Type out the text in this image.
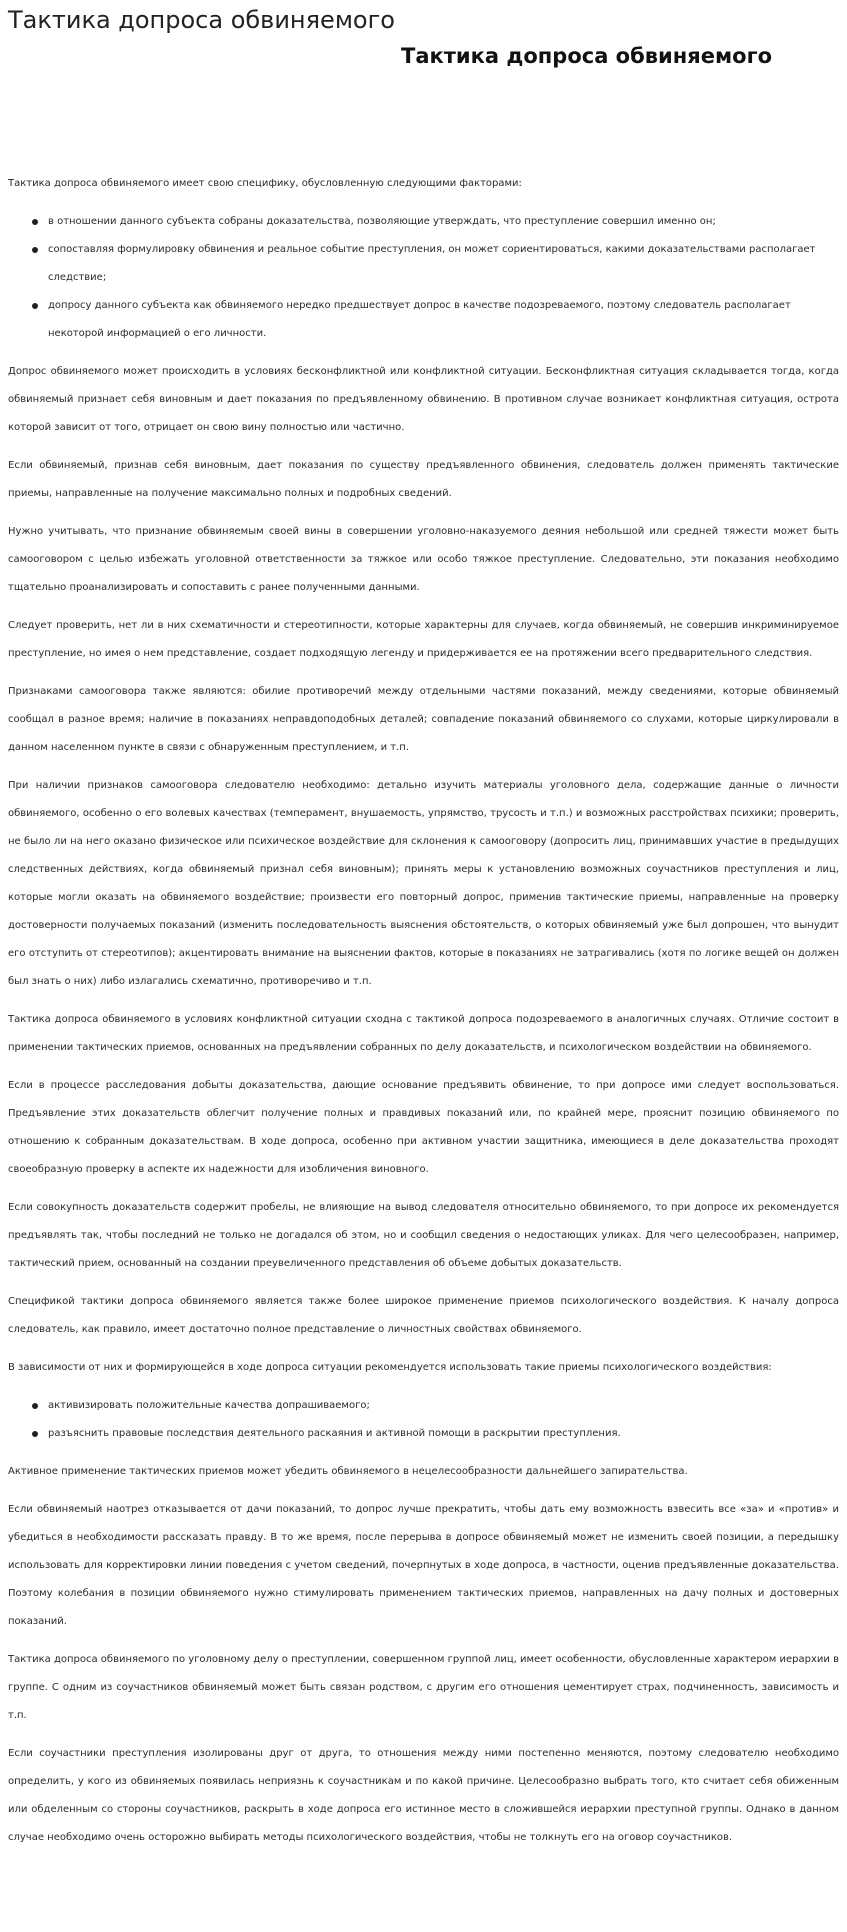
Тактика допроса обвиняемого
Тактика допроса обвиняемого

Тактика допроса обвиняемого имеет свою специфику, обусловленную следующими факторами:

в отношении данного субъекта собраны доказательства, позволяющие утверждать, что преступление совершил именно он;
сопоставляя формулировку обвинения и реальное событие преступления, он может сориентироваться, какими доказательствами располагает следствие;
допросу данного субъекта как обвиняемого нередко предшествует допрос в качестве подозреваемого, поэтому следователь располагает некоторой информацией о его личности.

Допрос обвиняемого может происходить в условиях бесконфликтной или конфликтной ситуации. Бесконфликтная ситуация складывается тогда, когда обвиняемый признает себя виновным и дает показания по предъявленному обвинению. В противном случае возникает конфликтная ситуация, острота которой зависит от того, отрицает он свою вину полностью или частично.

Если обвиняемый, признав себя виновным, дает показания по существу предъявленного обвинения, следователь должен применять тактические приемы, направленные на получение максимально полных и подробных сведений.

Нужно учитывать, что признание обвиняемым своей вины в совершении уголовно-наказуемого деяния небольшой или средней тяжести может быть самооговором с целью избежать уголовной ответственности за тяжкое или особо тяжкое преступление. Следовательно, эти показания необходимо тщательно проанализировать и сопоставить с ранее полученными данными.

Следует проверить, нет ли в них схематичности и стереотипности, которые характерны для случаев, когда обвиняемый, не совершив инкриминируемое преступление, но имея о нем представление, создает подходящую легенду и придерживается ее на протяжении всего предварительного следствия.

Признаками самооговора также являются: обилие противоречий между отдельными частями показаний, между сведениями, которые обвиняемый сообщал в разное время; наличие в показаниях неправдоподобных деталей; совпадение показаний обвиняемого со слухами, которые циркулировали в данном населенном пункте в связи с обнаруженным преступлением, и т.п.

При наличии признаков самооговора следователю необходимо: детально изучить материалы уголовного дела, содержащие данные о личности обвиняемого, особенно о его волевых качествах (темперамент, внушаемость, упрямство, трусость и т.п.) и возможных расстройствах психики; проверить, не было ли на него оказано физическое или психическое воздействие для склонения к самооговору (допросить лиц, принимавших участие в предыдущих следственных действиях, когда обвиняемый признал себя виновным); принять меры к установлению возможных соучастников преступления и лиц, которые могли оказать на обвиняемого воздействие; произвести его повторный допрос, применив тактические приемы, направленные на проверку достоверности получаемых показаний (изменить последовательность выяснения обстоятельств, о которых обвиняемый уже был допрошен, что вынудит его отступить от стереотипов); акцентировать внимание на выяснении фактов, которые в показаниях не затрагивались (хотя по логике вещей он должен был знать о них) либо излагались схематично, противоречиво и т.п.

Тактика допроса обвиняемого в условиях конфликтной ситуации сходна с тактикой допроса подозреваемого в аналогичных случаях. Отличие состоит в применении тактических приемов, основанных на предъявлении собранных по делу доказательств, и психологическом воздействии на обвиняемого.

Если в процессе расследования добыты доказательства, дающие основание предъявить обвинение, то при допросе ими следует воспользоваться. Предъявление этих доказательств облегчит получение полных и правдивых показаний или, по крайней мере, прояснит позицию обвиняемого по отношению к собранным доказательствам. В ходе допроса, особенно при активном участии защитника, имеющиеся в деле доказательства проходят своеобразную проверку в аспекте их надежности для изобличения виновного.

Если совокупность доказательств содержит пробелы, не влияющие на вывод следователя относительно обвиняемого, то при допросе их рекомендуется предъявлять так, чтобы последний не только не догадался об этом, но и сообщил сведения о недостающих уликах. Для чего целесообразен, например, тактический прием, основанный на создании преувеличенного представления об объеме добытых доказательств.

Спецификой тактики допроса обвиняемого является также более широкое применение приемов психологического воздействия. К началу допроса следователь, как правило, имеет достаточно полное представление о личностных свойствах обвиняемого.

В зависимости от них и формирующейся в ходе допроса ситуации рекомендуется использовать такие приемы психологического воздействия:

активизировать положительные качества допрашиваемого;
разъяснить правовые последствия деятельного раскаяния и активной помощи в раскрытии преступления.

Активное применение тактических приемов может убедить обвиняемого в нецелесообразности дальнейшего запирательства.

Если обвиняемый наотрез отказывается от дачи показаний, то допрос лучше прекратить, чтобы дать ему возможность взвесить все «за» и «против» и убедиться в необходимости рассказать правду. В то же время, после перерыва в допросе обвиняемый может не изменить своей позиции, а передышку использовать для корректировки линии поведения с учетом сведений, почерпнутых в ходе допроса, в частности, оценив предъявленные доказательства. Поэтому колебания в позиции обвиняемого нужно стимулировать применением тактических приемов, направленных на дачу полных и достоверных показаний.

Тактика допроса обвиняемого по уголовному делу о преступлении, совершенном группой лиц, имеет особенности, обусловленные характером иерархии в группе. С одним из соучастников обвиняемый может быть связан родством, с другим его отношения цементирует страх, подчиненность, зависимость и т.п.

Если соучастники преступления изолированы друг от друга, то отношения между ними постепенно меняются, поэтому следователю необходимо определить, у кого из обвиняемых появилась неприязнь к соучастникам и по какой причине. Целесообразно выбрать того, кто считает себя обиженным или обделенным со стороны соучастников, раскрыть в ходе допроса его истинное место в сложившейся иерархии преступной группы. Однако в данном случае необходимо очень осторожно выбирать методы психологического воздействия, чтобы не толкнуть его на оговор соучастников.
